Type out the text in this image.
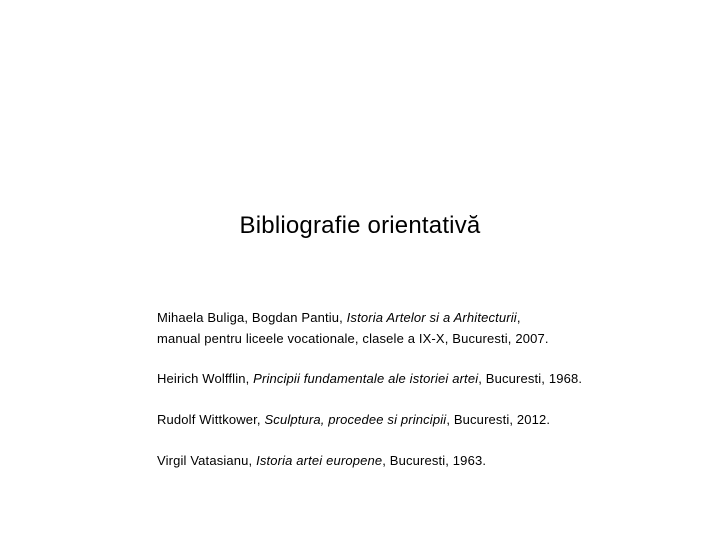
Bibliografie orientativă
Mihaela Buliga, Bogdan Pantiu, Istoria Artelor si a Arhitecturii,
manual pentru liceele vocationale, clasele a IX-X, Bucuresti, 2007.
Heirich Wolfflin, Principii fundamentale ale istoriei artei, Bucuresti, 1968.
Rudolf Wittkower, Sculptura, procedee si principii, Bucuresti, 2012.
Virgil Vatasianu, Istoria artei europene, Bucuresti, 1963.
